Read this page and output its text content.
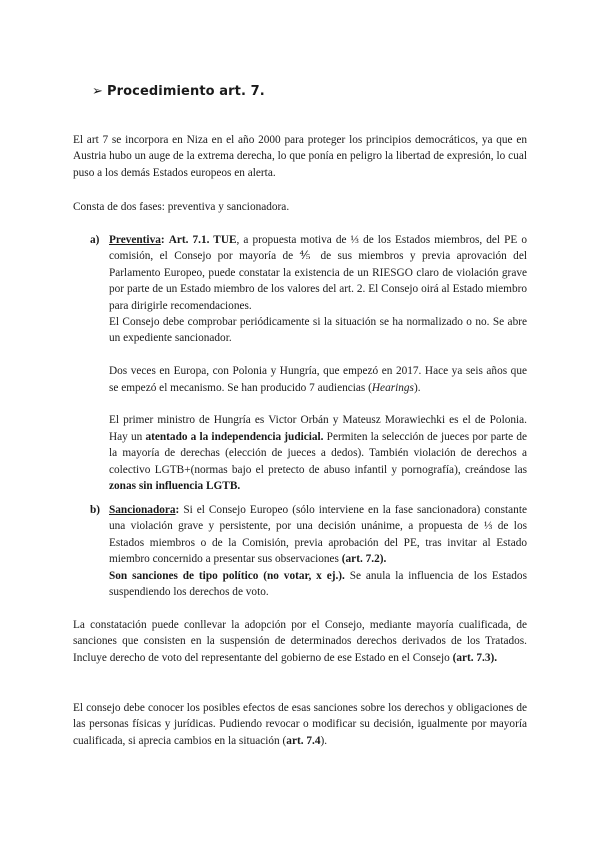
➢ Procedimiento art. 7.

El art 7 se incorpora en Niza en el año 2000 para proteger los principios democráticos, ya que en Austria hubo un auge de la extrema derecha, lo que ponía en peligro la libertad de expresión, lo cual puso a los demás Estados europeos en alerta.

Consta de dos fases: preventiva y sancionadora.

a) Preventiva: Art. 7.1. TUE, a propuesta motiva de ⅓ de los Estados miembros, del PE o comisión, el Consejo por mayoría de ⅘ de sus miembros y previa aprovación del Parlamento Europeo, puede constatar la existencia de un RIESGO claro de violación grave por parte de un Estado miembro de los valores del art. 2. El Consejo oirá al Estado miembro para dirigirle recomendaciones.

El Consejo debe comprobar periódicamente si la situación se ha normalizado o no. Se abre un expediente sancionador.

Dos veces en Europa, con Polonia y Hungría, que empezó en 2017. Hace ya seis años que se empezó el mecanismo. Se han producido 7 audiencias (Hearings).

El primer ministro de Hungría es Victor Orbán y Mateusz Morawiechki es el de Polonia. Hay un atentado a la independencia judicial. Permiten la selección de jueces por parte de la mayoría de derechas (elección de jueces a dedos). También violación de derechos a colectivo LGTB+(normas bajo el pretecto de abuso infantil y pornografía), creándose las zonas sin influencia LGTB.

b) Sancionadora: Si el Consejo Europeo (sólo interviene en la fase sancionadora) constante una violación grave y persistente, por una decisión unánime, a propuesta de ⅓ de los Estados miembros o de la Comisión, previa aprobación del PE, tras invitar al Estado miembro concernido a presentar sus observaciones (art. 7.2).

Son sanciones de tipo político (no votar, x ej.). Se anula la influencia de los Estados suspendiendo los derechos de voto.

La constatación puede conllevar la adopción por el Consejo, mediante mayoría cualificada, de sanciones que consisten en la suspensión de determinados derechos derivados de los Tratados. Incluye derecho de voto del representante del gobierno de ese Estado en el Consejo (art. 7.3).

El consejo debe conocer los posibles efectos de esas sanciones sobre los derechos y obligaciones de las personas físicas y jurídicas. Pudiendo revocar o modificar su decisión, igualmente por mayoría cualificada, si aprecia cambios en la situación (art. 7.4).
